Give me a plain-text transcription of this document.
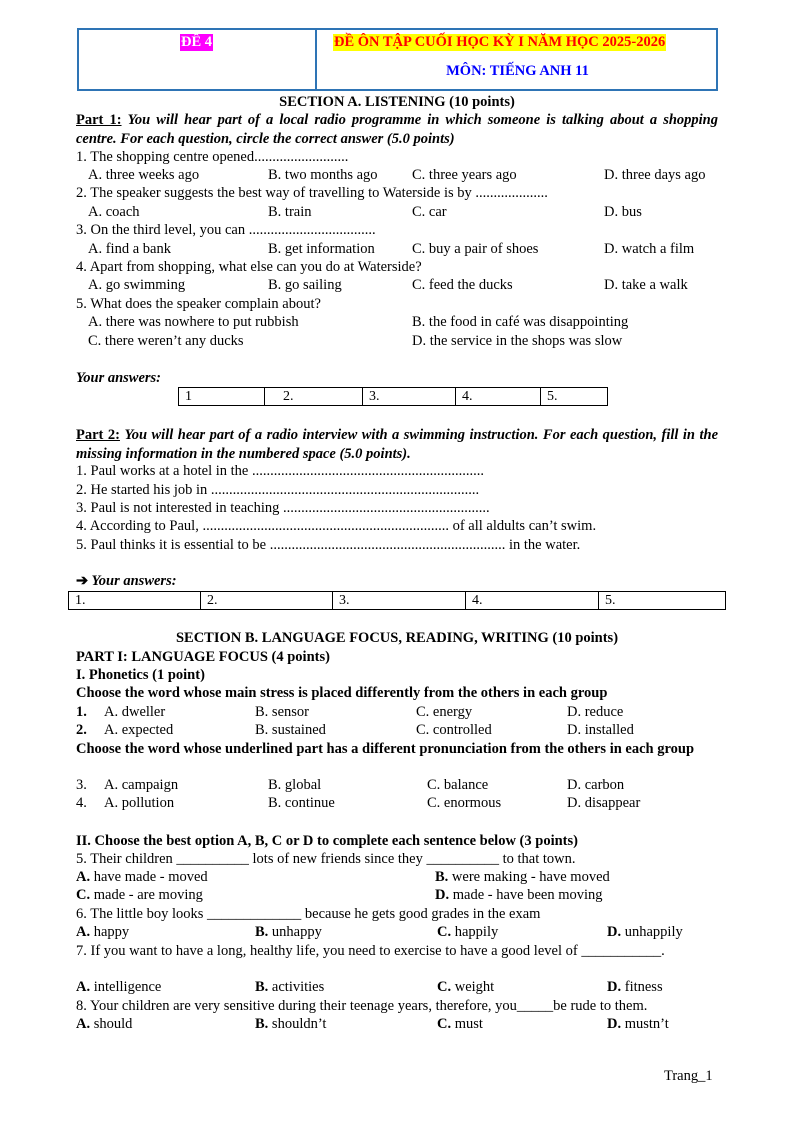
ĐỀ 4	ĐỀ ÔN TẬP CUỐI HỌC KỲ I NĂM HỌC 2025-2026
MÔN: TIẾNG ANH 11
SECTION A. LISTENING (10 points)
Part 1: You will hear part of a local radio programme in which someone is talking about a shopping centre. For each question, circle the correct answer (5.0 points)
1. The shopping centre opened..........................
A. three weeks ago	B. two months ago C. three years ago	D. three days ago
2. The speaker suggests the best way of travelling to Waterside is by ....................
A. coach	B. train	C. car	D. bus
3. On the third level, you can ...................................
A. find a bank	B. get information	C. buy a pair of shoes	D. watch a film
4. Apart from shopping, what else can you do at Waterside?
A. go swimming	B. go sailing	C. feed the ducks	D. take a walk
5. What does the speaker complain about?
A. there was nowhere to put rubbish	B. the food in café was disappointing
C. there weren’t any ducks	D. the service in the shops was slow
Your answers:
1	2.	3.	4.	5.
Part 2: You will hear part of a radio interview with a swimming instruction. For each question, fill in the missing information in the numbered space (5.0 points).
1. Paul works at a hotel in the ................................................................
2. He started his job in ..........................................................................
3. Paul is not interested in teaching .........................................................
4. According to Paul, .................................................................... of all aldults can’t swim.
5. Paul thinks it is essential to be ................................................................. in the water.
➔ Your answers:
1.	2.	3.	4.	5.
SECTION B. LANGUAGE FOCUS, READING, WRITING (10 points)
PART I: LANGUAGE FOCUS (4 points)
I. Phonetics (1 point)
Choose the word whose main stress is placed differently from the others in each group
1. A. dweller	B. sensor	C. energy	D. reduce
2. A. expected	B. sustained	C. controlled	D. installed
Choose the word whose underlined part has a different pronunciation from the others in each group
3. A. campaign	B. global	C. balance	D. carbon
4. A. pollution	B. continue	C. enormous	D. disappear
II. Choose the best option A, B, C or D to complete each sentence below (3 points)
5. Their children __________ lots of new friends since they __________ to that town.
A. have made - moved	B. were making - have moved
C. made - are moving	D. made - have been moving
6. The little boy looks _____________ because he gets good grades in the exam
A. happy	B. unhappy	C. happily	D. unhappily
7. If you want to have a long, healthy life, you need to exercise to have a good level of ___________.
A. intelligence	B. activities	C. weight	D. fitness
8. Your children are very sensitive during their teenage years, therefore, you_____be rude to them.
A. should	B. shouldn’t	C. must	D. mustn’t
Trang_1
